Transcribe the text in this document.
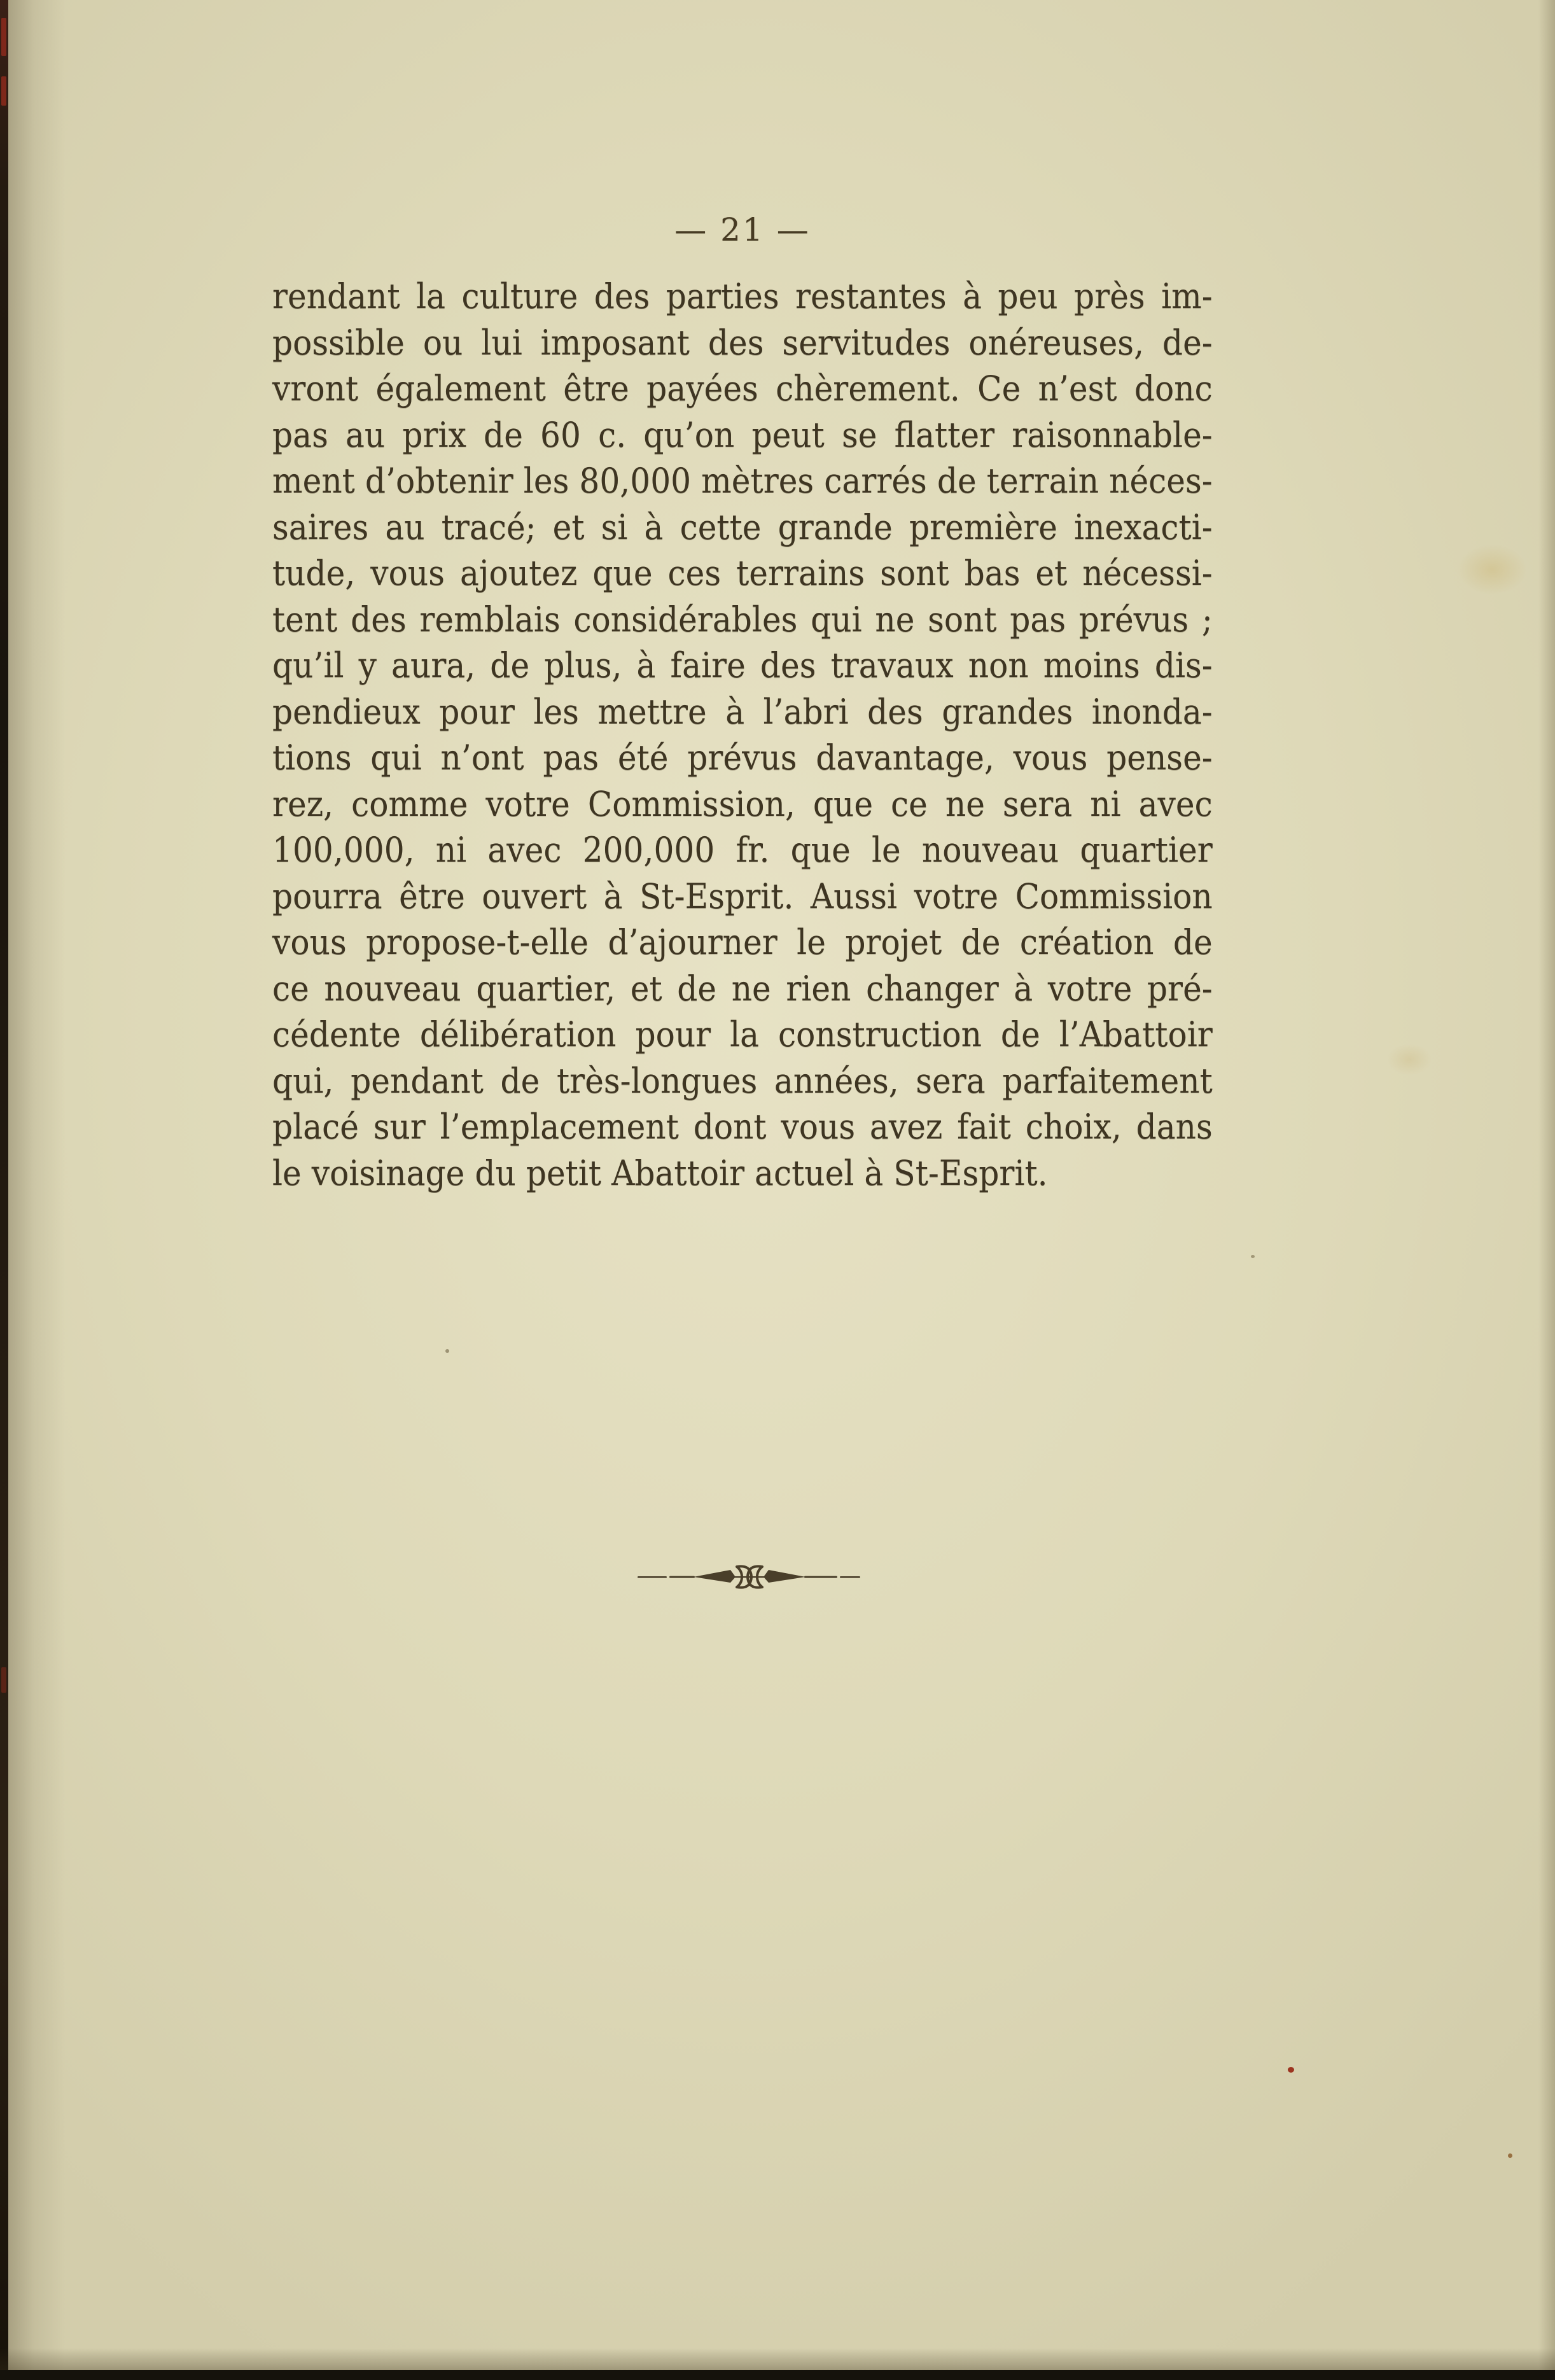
— 21 —
rendant la culture des parties restantes à peu près im-
possible ou lui imposant des servitudes onéreuses, de-
vront également être payées chèrement. Ce n’est donc
pas au prix de 60 c. qu’on peut se flatter raisonnable-
ment d’obtenir les 80,000 mètres carrés de terrain néces-
saires au tracé; et si à cette grande première inexacti-
tude, vous ajoutez que ces terrains sont bas et nécessi-
tent des remblais considérables qui ne sont pas prévus ;
qu’il y aura, de plus, à faire des travaux non moins dis-
pendieux pour les mettre à l’abri des grandes inonda-
tions qui n’ont pas été prévus davantage, vous pense-
rez, comme votre Commission, que ce ne sera ni avec
100,000, ni avec 200,000 fr. que le nouveau quartier
pourra être ouvert à St-Esprit. Aussi votre Commission
vous propose-t-elle d’ajourner le projet de création de
ce nouveau quartier, et de ne rien changer à votre pré-
cédente délibération pour la construction de l’Abattoir
qui, pendant de très-longues années, sera parfaitement
placé sur l’emplacement dont vous avez fait choix, dans
le voisinage du petit Abattoir actuel à St-Esprit.
